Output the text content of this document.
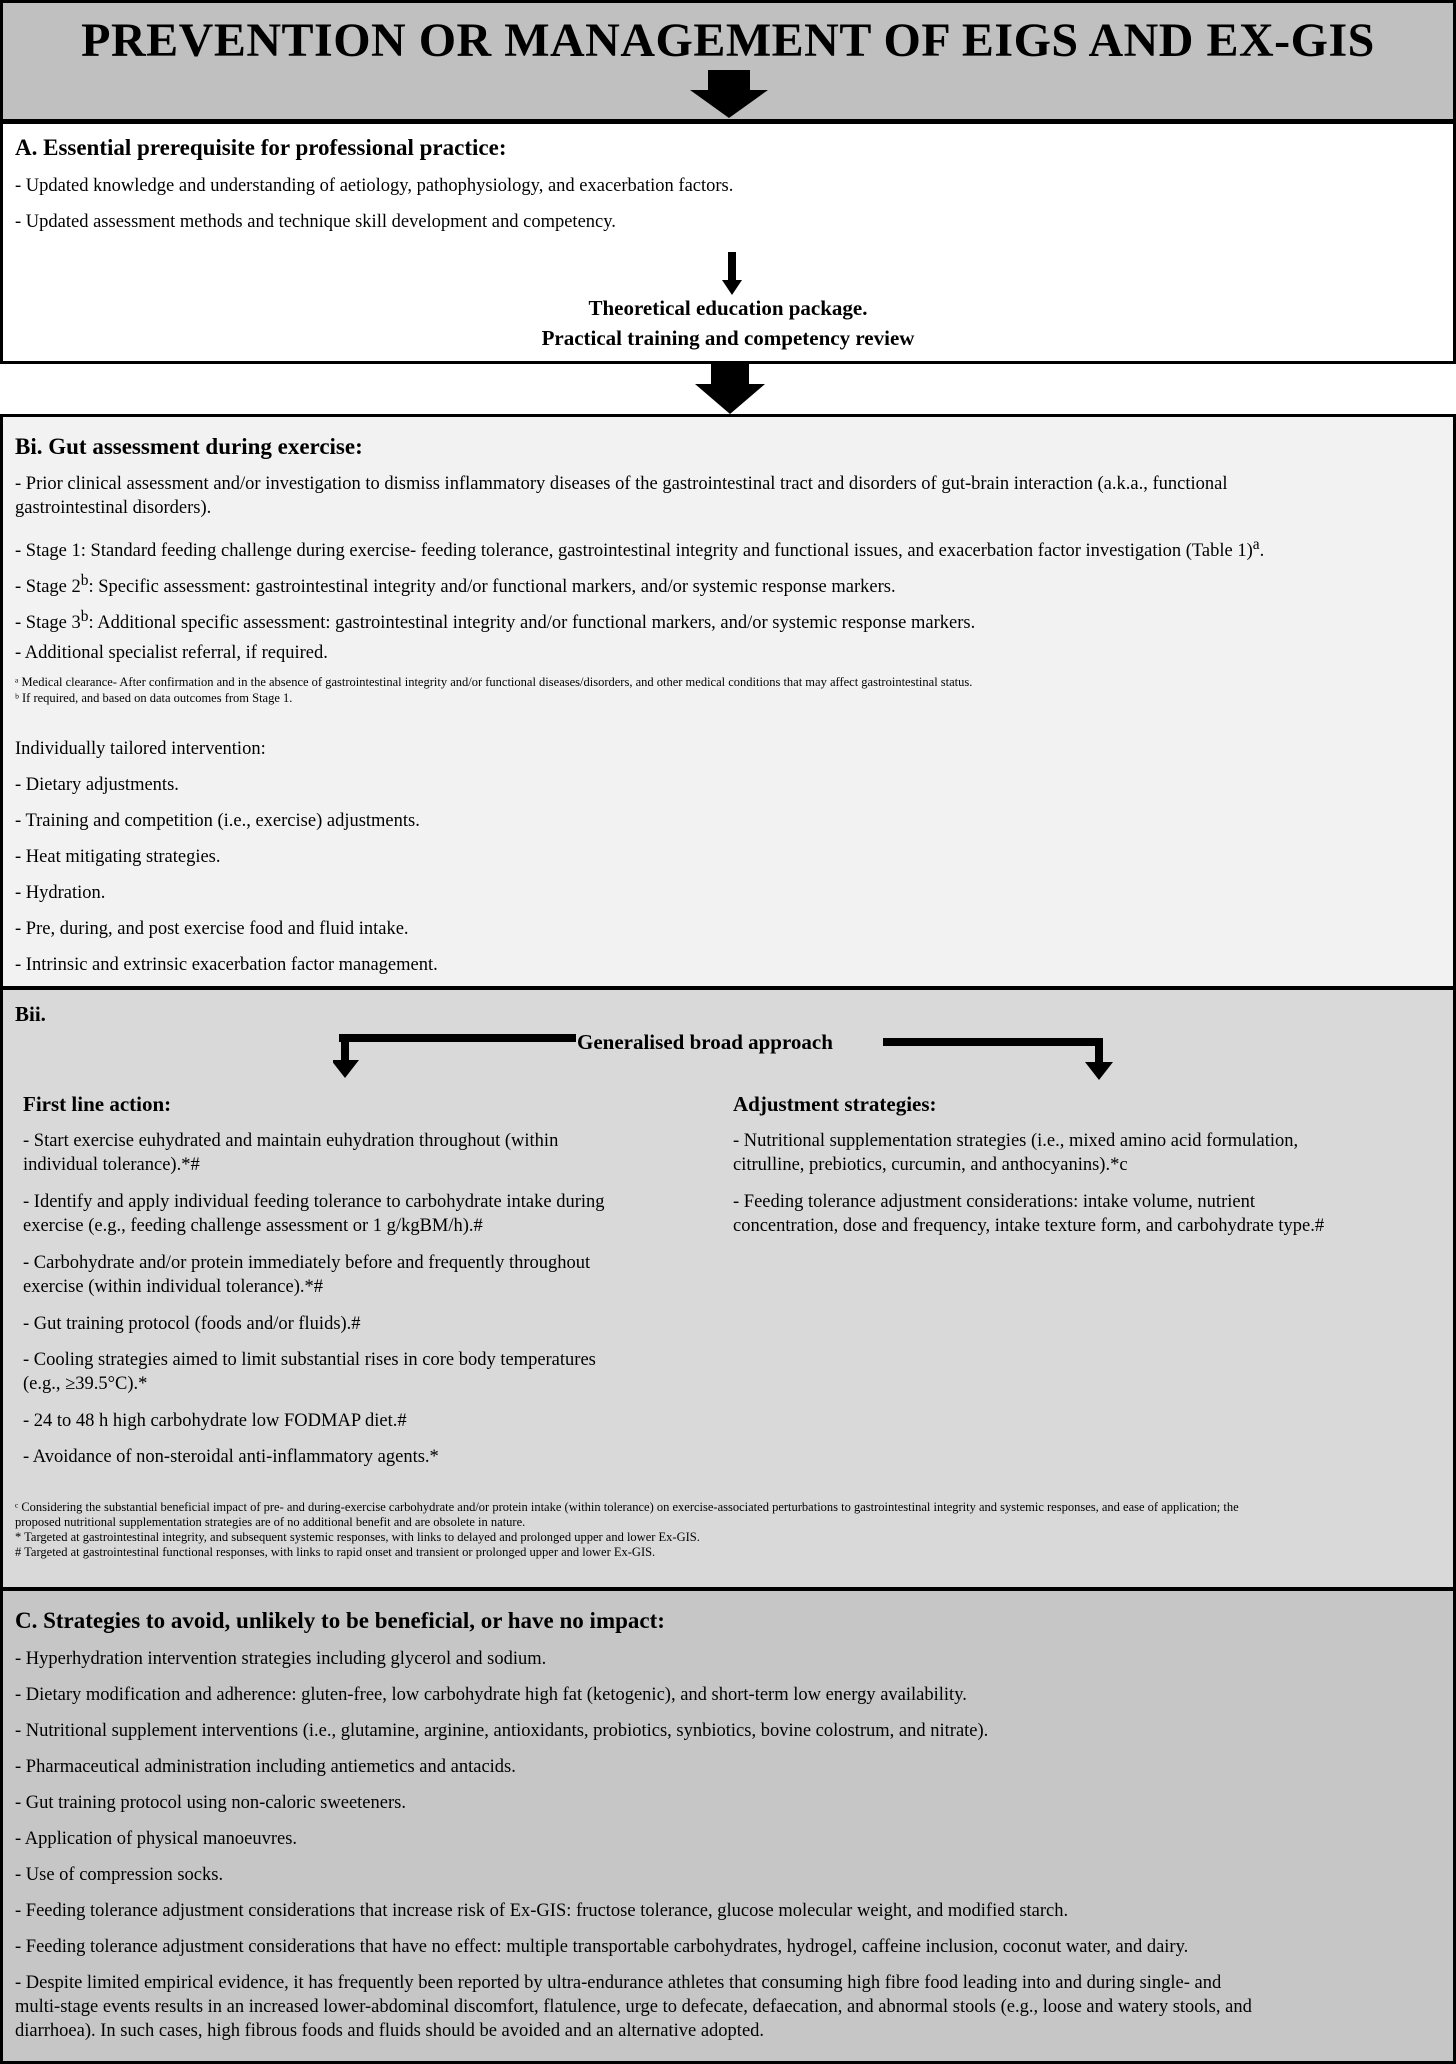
PREVENTION OR MANAGEMENT OF EIGS AND EX-GIS

A. Essential prerequisite for professional practice:

- Updated knowledge and understanding of aetiology, pathophysiology, and exacerbation factors.

- Updated assessment methods and technique skill development and competency.

Theoretical education package.

Practical training and competency review

Bi. Gut assessment during exercise:

- Prior clinical assessment and/or investigation to dismiss inflammatory diseases of the gastrointestinal tract and disorders of gut-brain interaction (a.k.a., functional

gastrointestinal disorders).

- Stage 1: Standard feeding challenge during exercise- feeding tolerance, gastrointestinal integrity and functional issues, and exacerbation factor investigation (Table 1)$^a$.

- Stage 2$^b$: Specific assessment: gastrointestinal integrity and/or functional markers, and/or systemic response markers.

- Stage 3$^b$: Additional specific assessment: gastrointestinal integrity and/or functional markers, and/or systemic response markers.

- Additional specialist referral, if required.

ᵃ Medical clearance- After confirmation and in the absence of gastrointestinal integrity and/or functional diseases/disorders, and other medical conditions that may affect gastrointestinal status.

ᵇ If required, and based on data outcomes from Stage 1.

Individually tailored intervention:

- Dietary adjustments.

- Training and competition (i.e., exercise) adjustments.

- Heat mitigating strategies.

- Hydration.

- Pre, during, and post exercise food and fluid intake.

- Intrinsic and extrinsic exacerbation factor management.

Bii.

Generalised broad approach

First line action:

- Start exercise euhydrated and maintain euhydration throughout (within

individual tolerance).*#

- Identify and apply individual feeding tolerance to carbohydrate intake during

exercise (e.g., feeding challenge assessment or 1 g/kgBM/h).#

- Carbohydrate and/or protein immediately before and frequently throughout

exercise (within individual tolerance).*#

- Gut training protocol (foods and/or fluids).#

- Cooling strategies aimed to limit substantial rises in core body temperatures

(e.g., ≥39.5°C).*

- 24 to 48 h high carbohydrate low FODMAP diet.#

- Avoidance of non-steroidal anti-inflammatory agents.*

Adjustment strategies:

- Nutritional supplementation strategies (i.e., mixed amino acid formulation,

citrulline, prebiotics, curcumin, and anthocyanins).*c

- Feeding tolerance adjustment considerations: intake volume, nutrient

concentration, dose and frequency, intake texture form, and carbohydrate type.#

ᶜ Considering the substantial beneficial impact of pre- and during-exercise carbohydrate and/or protein intake (within tolerance) on exercise-associated perturbations to gastrointestinal integrity and systemic responses, and ease of application; the

proposed nutritional supplementation strategies are of no additional benefit and are obsolete in nature.

* Targeted at gastrointestinal integrity, and subsequent systemic responses, with links to delayed and prolonged upper and lower Ex-GIS.

# Targeted at gastrointestinal functional responses, with links to rapid onset and transient or prolonged upper and lower Ex-GIS.

C. Strategies to avoid, unlikely to be beneficial, or have no impact:

- Hyperhydration intervention strategies including glycerol and sodium.

- Dietary modification and adherence: gluten-free, low carbohydrate high fat (ketogenic), and short-term low energy availability.

- Nutritional supplement interventions (i.e., glutamine, arginine, antioxidants, probiotics, synbiotics, bovine colostrum, and nitrate).

- Pharmaceutical administration including antiemetics and antacids.

- Gut training protocol using non-caloric sweeteners.

- Application of physical manoeuvres.

- Use of compression socks.

- Feeding tolerance adjustment considerations that increase risk of Ex-GIS: fructose tolerance, glucose molecular weight, and modified starch.

- Feeding tolerance adjustment considerations that have no effect: multiple transportable carbohydrates, hydrogel, caffeine inclusion, coconut water, and dairy.

- Despite limited empirical evidence, it has frequently been reported by ultra-endurance athletes that consuming high fibre food leading into and during single- and

multi-stage events results in an increased lower-abdominal discomfort, flatulence, urge to defecate, defaecation, and abnormal stools (e.g., loose and watery stools, and

diarrhoea). In such cases, high fibrous foods and fluids should be avoided and an alternative adopted.
